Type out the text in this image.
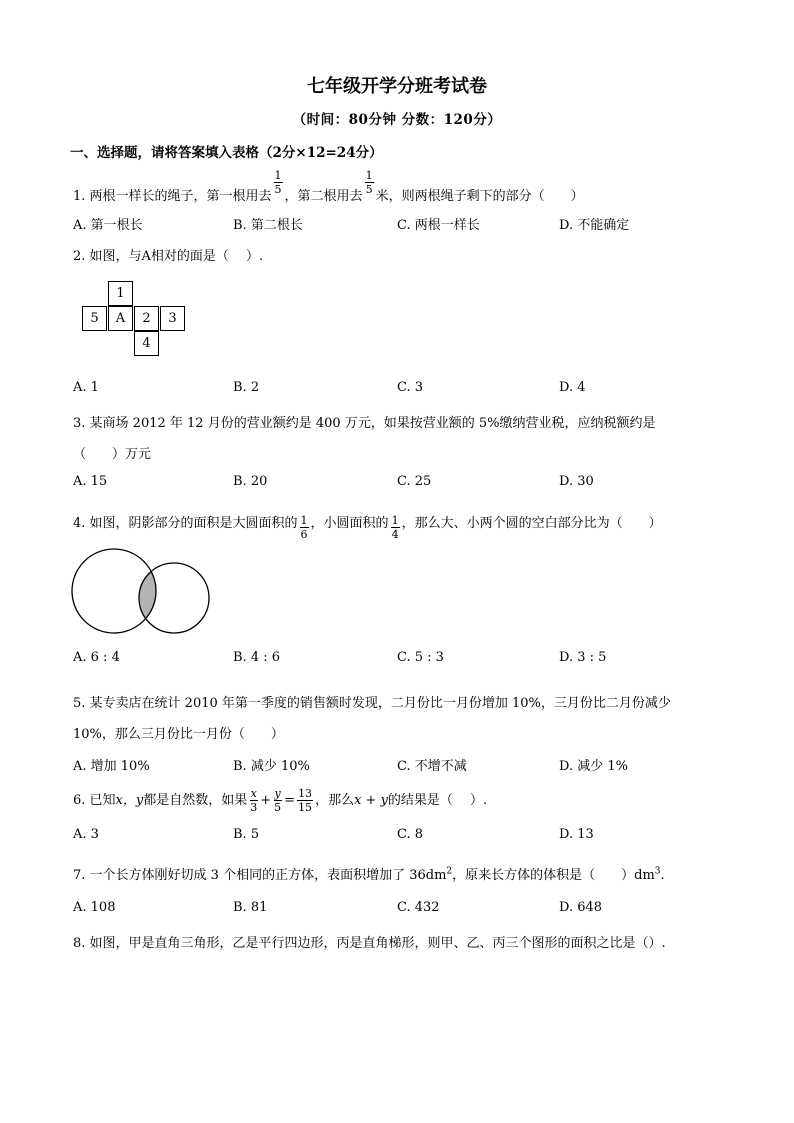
七年级开学分班考试卷
（时间：80分钟 分数：120分）
一、选择题，请将答案填入表格（2分×12=24分）
1. 两根一样长的绳子，第一根用去
$\frac{1}{5}$
，第二根用去
$\frac{1}{5}$
米，则两根绳子剩下的部分（　　）
A. 第一根长	B. 第二根长	C. 两根一样长	D. 不能确定
2. 如图，与A相对的面是（　 ）.
1
5	A	2	3
4
A. 1	B. 2	C. 3	D. 4
3. 某商场 2012 年 12 月份的营业额约是 400 万元，如果按营业额的 5%缴纳营业税，应纳税额约是
（　　）万元
A. 15	B. 20	C. 25	D. 30
4. 如图，阴影部分的面积是大圆面积的 $\frac{1}{6}$ ，小圆面积的 $\frac{1}{4}$ ，那么大、小两个圆的空白部分比为（　　）
A. 6 : 4	B. 4 : 6	C. 5 : 3	D. 3 : 5
5. 某专卖店在统计 2010 年第一季度的销售额时发现，二月份比一月份增加 10%，三月份比二月份减少
10%，那么三月份比一月份（　　）
A. 增加 10%	B. 减少 10%	C. 不增不减	D. 减少 1%
6. 已知x，y都是自然数，如果 $\frac{x}{3} + \frac{y}{5} = \frac{13}{15}$ ，那么x + y的结果是（　 ）.
A. 3	B. 5	C. 8	D. 13
7. 一个长方体刚好切成 3 个相同的正方体，表面积增加了 $36dm^2$，原来长方体的体积是（　　）$dm^3$.
A. 108	B. 81	C. 432	D. 648
8. 如图，甲是直角三角形，乙是平行四边形，丙是直角梯形，则甲、乙、丙三个图形的面积之比是（）.
